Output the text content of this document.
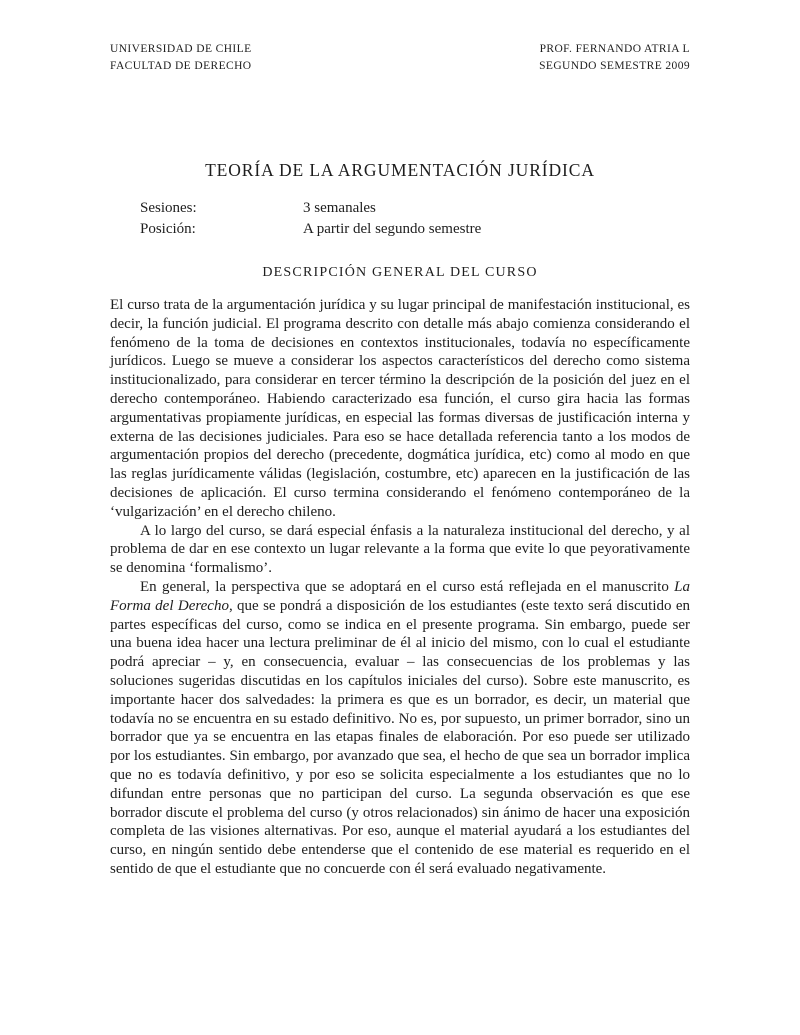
UNIVERSIDAD DE CHILE
FACULTAD DE DERECHO
PROF. FERNANDO ATRIA L
SEGUNDO SEMESTRE 2009
TEORÍA DE LA ARGUMENTACIÓN JURÍDICA
Sesiones:	3 semanales
Posición:	A partir del segundo semestre
DESCRIPCIÓN GENERAL DEL CURSO

El curso trata de la argumentación jurídica y su lugar principal de manifestación institucional, es decir, la función judicial. El programa descrito con detalle más abajo comienza considerando el fenómeno de la toma de decisiones en contextos institucionales, todavía no específicamente jurídicos. Luego se mueve a considerar los aspectos característicos del derecho como sistema institucionalizado, para considerar en tercer término la descripción de la posición del juez en el derecho contemporáneo. Habiendo caracterizado esa función, el curso gira hacia las formas argumentativas propiamente jurídicas, en especial las formas diversas de justificación interna y externa de las decisiones judiciales. Para eso se hace detallada referencia tanto a los modos de argumentación propios del derecho (precedente, dogmática jurídica, etc) como al modo en que las reglas jurídicamente válidas (legislación, costumbre, etc) aparecen en la justificación de las decisiones de aplicación. El curso termina considerando el fenómeno contemporáneo de la ‘vulgarización’ en el derecho chileno.

A lo largo del curso, se dará especial énfasis a la naturaleza institucional del derecho, y al problema de dar en ese contexto un lugar relevante a la forma que evite lo que peyorativamente se denomina ‘formalismo’.

En general, la perspectiva que se adoptará en el curso está reflejada en el manuscrito La Forma del Derecho, que se pondrá a disposición de los estudiantes (este texto será discutido en partes específicas del curso, como se indica en el presente programa. Sin embargo, puede ser una buena idea hacer una lectura preliminar de él al inicio del mismo, con lo cual el estudiante podrá apreciar – y, en consecuencia, evaluar – las consecuencias de los problemas y las soluciones sugeridas discutidas en los capítulos iniciales del curso). Sobre este manuscrito, es importante hacer dos salvedades: la primera es que es un borrador, es decir, un material que todavía no se encuentra en su estado definitivo. No es, por supuesto, un primer borrador, sino un borrador que ya se encuentra en las etapas finales de elaboración. Por eso puede ser utilizado por los estudiantes. Sin embargo, por avanzado que sea, el hecho de que sea un borrador implica que no es todavía definitivo, y por eso se solicita especialmente a los estudiantes que no lo difundan entre personas que no participan del curso. La segunda observación es que ese borrador discute el problema del curso (y otros relacionados) sin ánimo de hacer una exposición completa de las visiones alternativas. Por eso, aunque el material ayudará a los estudiantes del curso, en ningún sentido debe entenderse que el contenido de ese material es requerido en el sentido de que el estudiante que no concuerde con él será evaluado negativamente.
